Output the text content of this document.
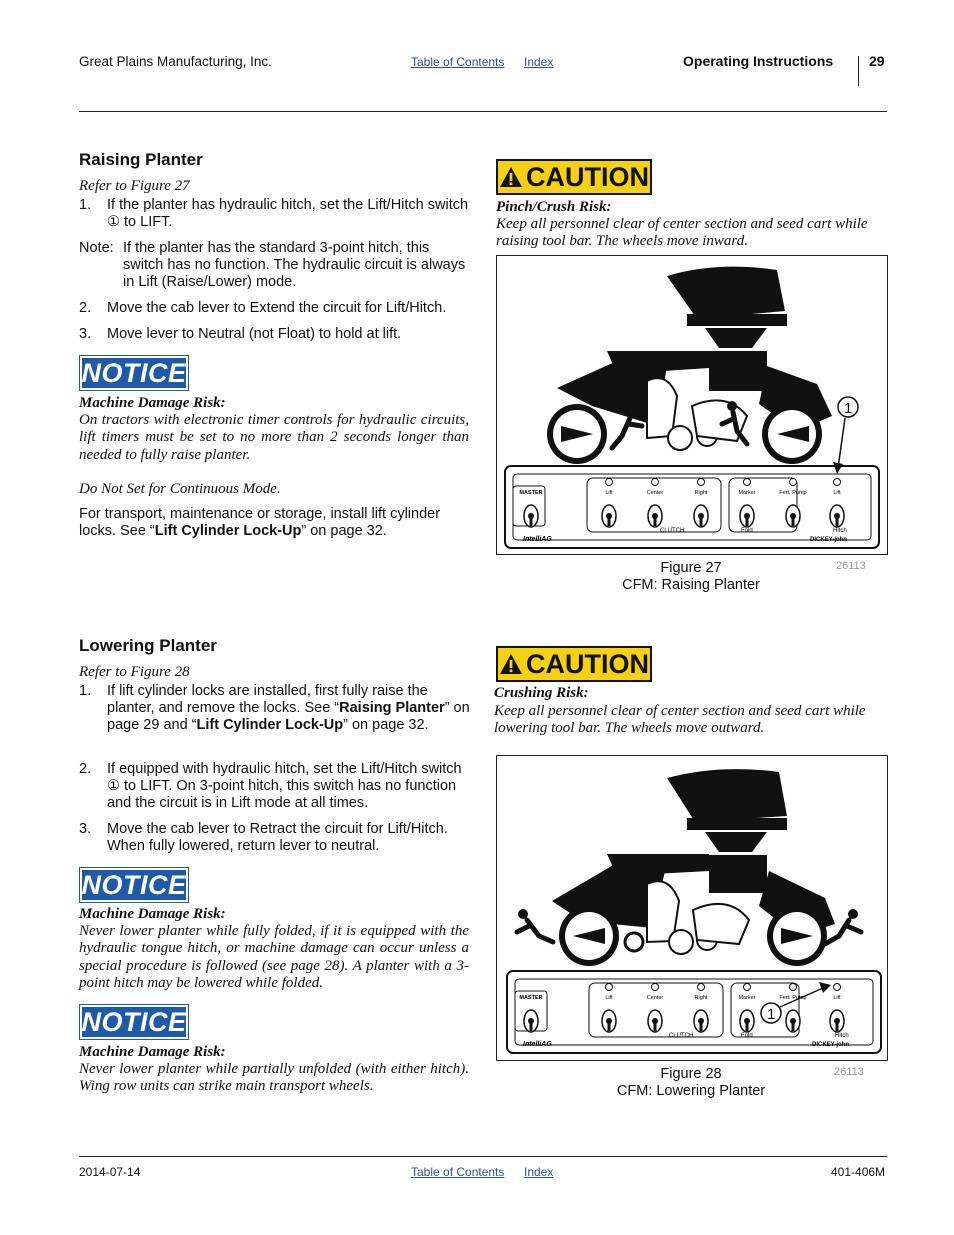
Great Plains Manufacturing, Inc.	Table of Contents Index	Operating Instructions	29
Raising Planter
Refer to Figure 27
1. If the planter has hydraulic hitch, set the Lift/Hitch switch ① to LIFT.
Note: If the planter has the standard 3-point hitch, this switch has no function. The hydraulic circuit is always in Lift (Raise/Lower) mode.
2. Move the cab lever to Extend the circuit for Lift/Hitch.
3. Move lever to Neutral (not Float) to hold at lift.
NOTICE
Machine Damage Risk:
On tractors with electronic timer controls for hydraulic circuits, lift timers must be set to no more than 2 seconds longer than needed to fully raise planter.
Do Not Set for Continuous Mode.
For transport, maintenance or storage, install lift cylinder locks. See “Lift Cylinder Lock-Up” on page 32.
CAUTION
Pinch/Crush Risk:
Keep all personnel clear of center section and seed cart while raising tool bar. The wheels move inward.
MASTER	Lift	Center	Right	Marker	Fert. Pump	Lift
IntelliAG	DICKEY-john
CLUTCH	Fold	Hitch
1
Figure 27
CFM: Raising Planter
26113
Lowering Planter
Refer to Figure 28
1. If lift cylinder locks are installed, first fully raise the planter, and remove the locks. See “Raising Planter” on page 29 and “Lift Cylinder Lock-Up” on page 32.
2. If equipped with hydraulic hitch, set the Lift/Hitch switch ① to LIFT. On 3-point hitch, this switch has no function and the circuit is in Lift mode at all times.
3. Move the cab lever to Retract the circuit for Lift/Hitch. When fully lowered, return lever to neutral.
NOTICE
Machine Damage Risk:
Never lower planter while fully folded, if it is equipped with the hydraulic tongue hitch, or machine damage can occur unless a special procedure is followed (see page 28). A planter with a 3-point hitch may be lowered while folded.
NOTICE
Machine Damage Risk:
Never lower planter while partially unfolded (with either hitch). Wing row units can strike main transport wheels.
CAUTION
Crushing Risk:
Keep all personnel clear of center section and seed cart while lowering tool bar. The wheels move outward.
MASTER	Lift	Center	Right	Marker	Fert. Pump	Lift
IntelliAG	DICKEY-john
CLUTCH	Fold	Hitch
1
Figure 28
CFM: Lowering Planter
26113
2014-07-14	Table of Contents Index	401-406M
